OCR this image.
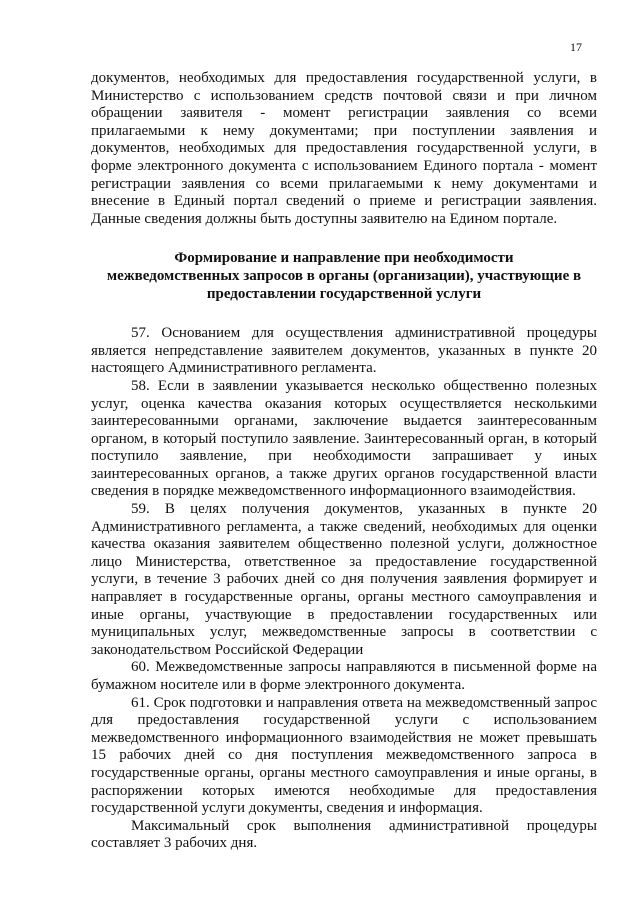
17

документов, необходимых для предоставления государственной услуги, в Министерство с использованием средств почтовой связи и при личном обращении заявителя - момент регистрации заявления со всеми прилагаемыми к нему документами; при поступлении заявления и документов, необходимых для предоставления государственной услуги, в форме электронного документа с использованием Единого портала - момент регистрации заявления со всеми прилагаемыми к нему документами и внесение в Единый портал сведений о приеме и регистрации заявления. Данные сведения должны быть доступны заявителю на Едином портале.

Формирование и направление при необходимости
межведомственных запросов в органы (организации), участвующие в
предоставлении государственной услуги

57. Основанием для осуществления административной процедуры является непредставление заявителем документов, указанных в пункте 20 настоящего Административного регламента.

58. Если в заявлении указывается несколько общественно полезных услуг, оценка качества оказания которых осуществляется несколькими заинтересованными органами, заключение выдается заинтересованным органом, в который поступило заявление. Заинтересованный орган, в который поступило заявление, при необходимости запрашивает у иных заинтересованных органов, а также других органов государственной власти сведения в порядке межведомственного информационного взаимодействия.

59. В целях получения документов, указанных в пункте 20 Административного регламента, а также сведений, необходимых для оценки качества оказания заявителем общественно полезной услуги, должностное лицо Министерства, ответственное за предоставление государственной услуги, в течение 3 рабочих дней со дня получения заявления формирует и направляет в государственные органы, органы местного самоуправления и иные органы, участвующие в предоставлении государственных или муниципальных услуг, межведомственные запросы в соответствии с законодательством Российской Федерации

60. Межведомственные запросы направляются в письменной форме на бумажном носителе или в форме электронного документа.

61. Срок подготовки и направления ответа на межведомственный запрос для предоставления государственной услуги с использованием межведомственного информационного взаимодействия не может превышать 15 рабочих дней со дня поступления межведомственного запроса в государственные органы, органы местного самоуправления и иные органы, в распоряжении которых имеются необходимые для предоставления государственной услуги документы, сведения и информация.

Максимальный срок выполнения административной процедуры составляет 3 рабочих дня.
